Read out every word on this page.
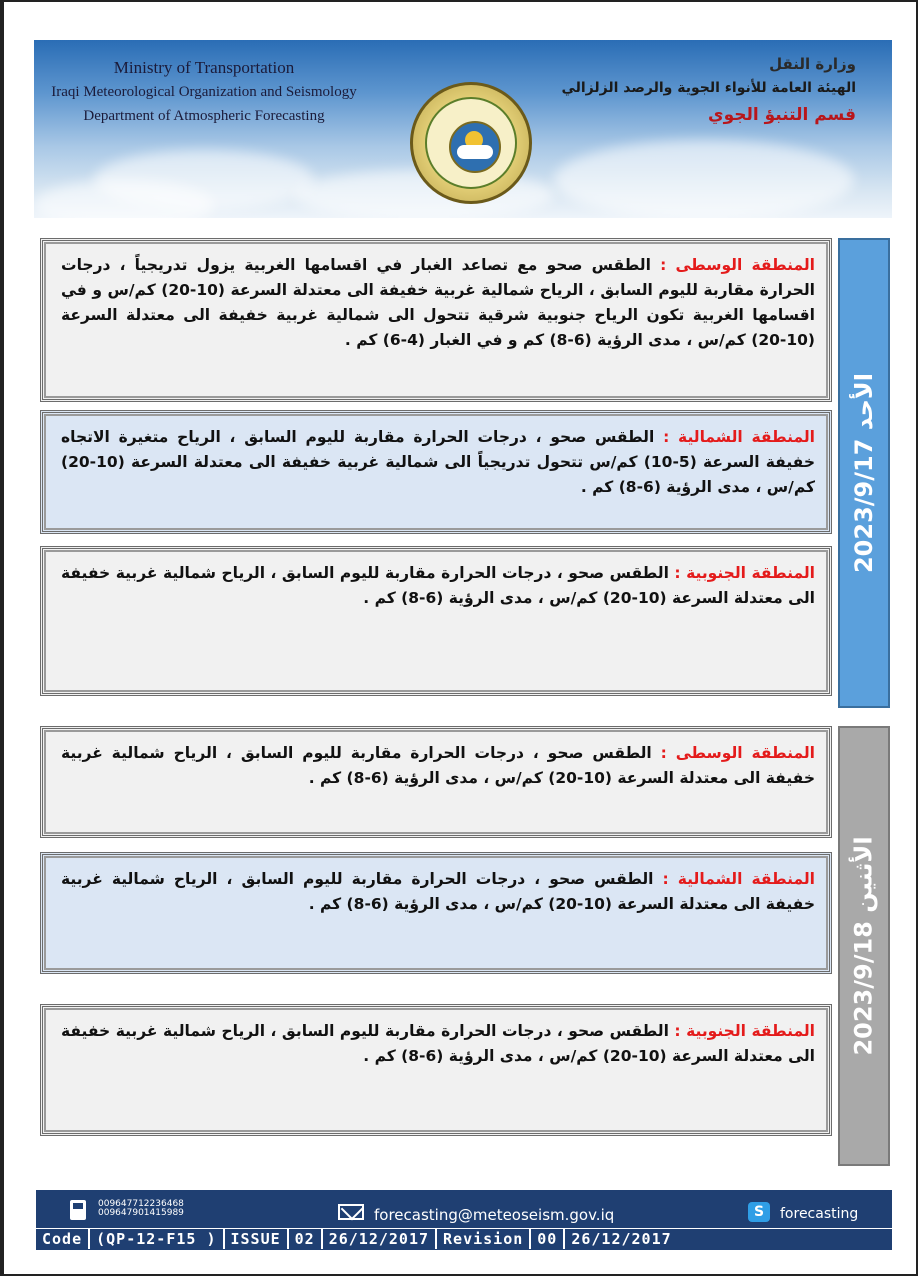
Ministry of Transportation
Iraqi Meteorological Organization and Seismology
Department of Atmospheric Forecasting
وزارة النقل
الهيئة العامة للأنواء الجوية والرصد الزلزالي
قسم التنبؤ الجوي
الأحد 2023/9/17
المنطقة الوسطى : الطقس صحو مع تصاعد الغبار في اقسامها الغربية يزول تدريجياً ، درجات الحرارة مقاربة لليوم السابق ، الرياح شمالية غربية خفيفة الى معتدلة السرعة (10-20) كم/س و في اقسامها الغربية تكون الرياح جنوبية شرقية تتحول الى شمالية غربية خفيفة الى معتدلة السرعة (10-20) كم/س ، مدى الرؤية (6-8) كم و في الغبار (4-6) كم .
المنطقة الشمالية : الطقس صحو ، درجات الحرارة مقاربة لليوم السابق ، الرياح متغيرة الاتجاه خفيفة السرعة (5-10) كم/س تتحول تدريجياً الى شمالية غربية خفيفة الى معتدلة السرعة (10-20) كم/س ، مدى الرؤية (6-8) كم .
المنطقة الجنوبية : الطقس صحو ، درجات الحرارة مقاربة لليوم السابق ، الرياح شمالية غربية خفيفة الى معتدلة السرعة (10-20) كم/س ، مدى الرؤية (6-8) كم .
الأثنين 2023/9/18
المنطقة الوسطى : الطقس صحو ، درجات الحرارة مقاربة لليوم السابق ، الرياح شمالية غربية خفيفة الى معتدلة السرعة (10-20) كم/س ، مدى الرؤية (6-8) كم .
المنطقة الشمالية : الطقس صحو ، درجات الحرارة مقاربة لليوم السابق ، الرياح شمالية غربية خفيفة الى معتدلة السرعة (10-20) كم/س ، مدى الرؤية (6-8) كم .
المنطقة الجنوبية : الطقس صحو ، درجات الحرارة مقاربة لليوم السابق ، الرياح شمالية غربية خفيفة الى معتدلة السرعة (10-20) كم/س ، مدى الرؤية (6-8) كم .
009647712236468
009647901415989	forecasting@meteoseism.gov.iq	S	forecasting
Code (QP-12-F15 ) ISSUE 02 26/12/2017 Revision 00 26/12/2017
